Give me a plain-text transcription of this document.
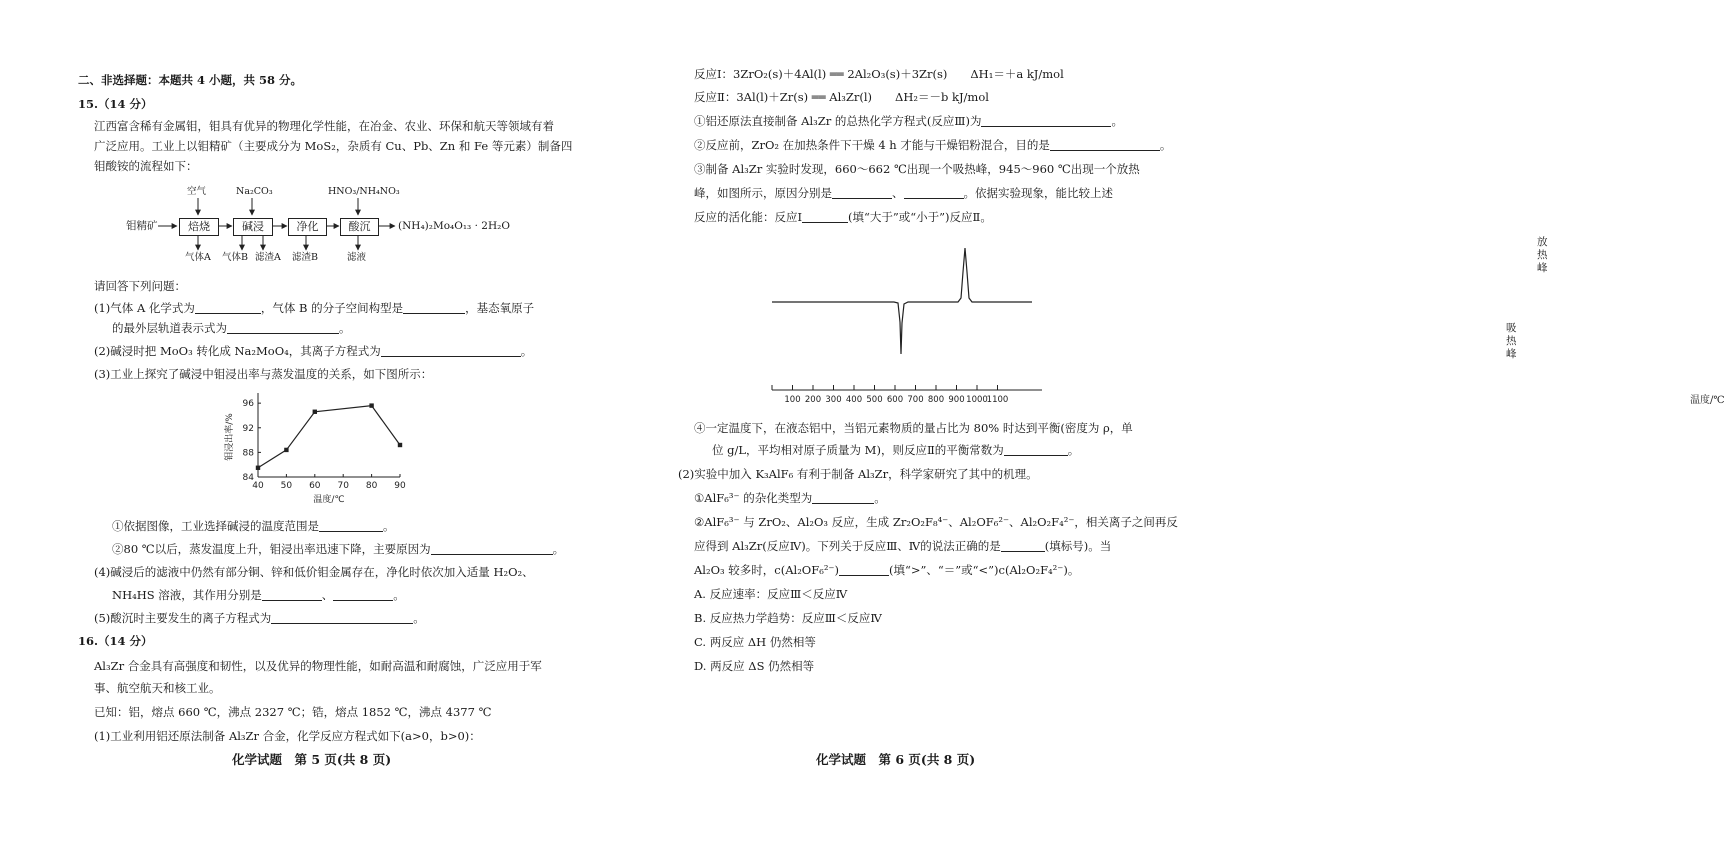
二、非选择题：本题共 4 小题，共 58 分。
15.（14 分）
江西富含稀有金属钼，钼具有优异的物理化学性能，在冶金、农业、环保和航天等领域有着
广泛应用。工业上以钼精矿（主要成分为 MoS₂，杂质有 Cu、Pb、Zn 和 Fe 等元素）制备四
钼酸铵的流程如下：
空气	Na₂CO₃	HNO₃/NH₄NO₃
钼精矿	焙烧	碱浸	净化	酸沉	(NH₄)₂Mo₄O₁₃ · 2H₂O
气体A 气体B 滤渣A 滤渣B	滤液
请回答下列问题：
(1)气体 A 化学式为	，气体 B 的分子空间构型是	，基态氧原子
的最外层轨道表示式为	。
(2)碱浸时把 MoO₃ 转化成 Na₂MoO₄，其离子方程式为	。
(3)工业上探究了碱浸中钼浸出率与蒸发温度的关系，如下图所示：
40 50 60 70 80 90
84
88
92
96
温度/℃
钼浸出率/%
①依据图像，工业选择碱浸的温度范围是	。
②80 ℃以后，蒸发温度上升，钼浸出率迅速下降，主要原因为	。
(4)碱浸后的滤液中仍然有部分铜、锌和低价钼金属存在，净化时依次加入适量 H₂O₂、
NH₄HS 溶液，其作用分别是	、	。
(5)酸沉时主要发生的离子方程式为	。
16.（14 分）
Al₃Zr 合金具有高强度和韧性，以及优异的物理性能，如耐高温和耐腐蚀，广泛应用于军
事、航空航天和核工业。
已知：铝，熔点 660 ℃，沸点 2327 ℃；锆，熔点 1852 ℃，沸点 4377 ℃
(1)工业利用铝还原法制备 Al₃Zr 合金，化学反应方程式如下(a>0，b>0)：
化学试题　第 5 页(共 8 页)
反应Ⅰ：3ZrO₂(s)＋4Al(l) ══ 2Al₂O₃(s)＋3Zr(s)　　ΔH₁＝＋a kJ/mol
反应Ⅱ：3Al(l)＋Zr(s) ══ Al₃Zr(l)　　ΔH₂＝－b kJ/mol
①铝还原法直接制备 Al₃Zr 的总热化学方程式(反应Ⅲ)为	。
②反应前，ZrO₂ 在加热条件下干燥 4 h 才能与干燥铝粉混合，目的是	。
③制备 Al₃Zr 实验时发现，660～662 ℃出现一个吸热峰，945～960 ℃出现一个放热
峰，如图所示，原因分别是	、	。依据实验现象，能比较上述
反应的活化能：反应Ⅰ	(填“大于”或“小于”)反应Ⅱ。
100 200 300 400 500 600 700 800 900 1000
1100
放热峰
吸热峰
温度/℃
④一定温度下，在液态铝中，当铝元素物质的量占比为 80% 时达到平衡(密度为 ρ，单
位 g/L，平均相对原子质量为 M)，则反应Ⅱ的平衡常数为	。
(2)实验中加入 K₃AlF₆ 有利于制备 Al₃Zr，科学家研究了其中的机理。
①AlF₆³⁻ 的杂化类型为	。
②AlF₆³⁻ 与 ZrO₂、Al₂O₃ 反应，生成 Zr₂O₂F₈⁴⁻、Al₂OF₆²⁻、Al₂O₂F₄²⁻，相关离子之间再反
应得到 Al₃Zr(反应Ⅳ)。下列关于反应Ⅲ、Ⅳ的说法正确的是	(填标号)。当
Al₂O₃ 较多时，c(Al₂OF₆²⁻)	(填“>”、“＝”或“<”)c(Al₂O₂F₄²⁻)。
A. 反应速率：反应Ⅲ＜反应Ⅳ
B. 反应热力学趋势：反应Ⅲ＜反应Ⅳ
C. 两反应 ΔH 仍然相等
D. 两反应 ΔS 仍然相等
化学试题　第 6 页(共 8 页)
